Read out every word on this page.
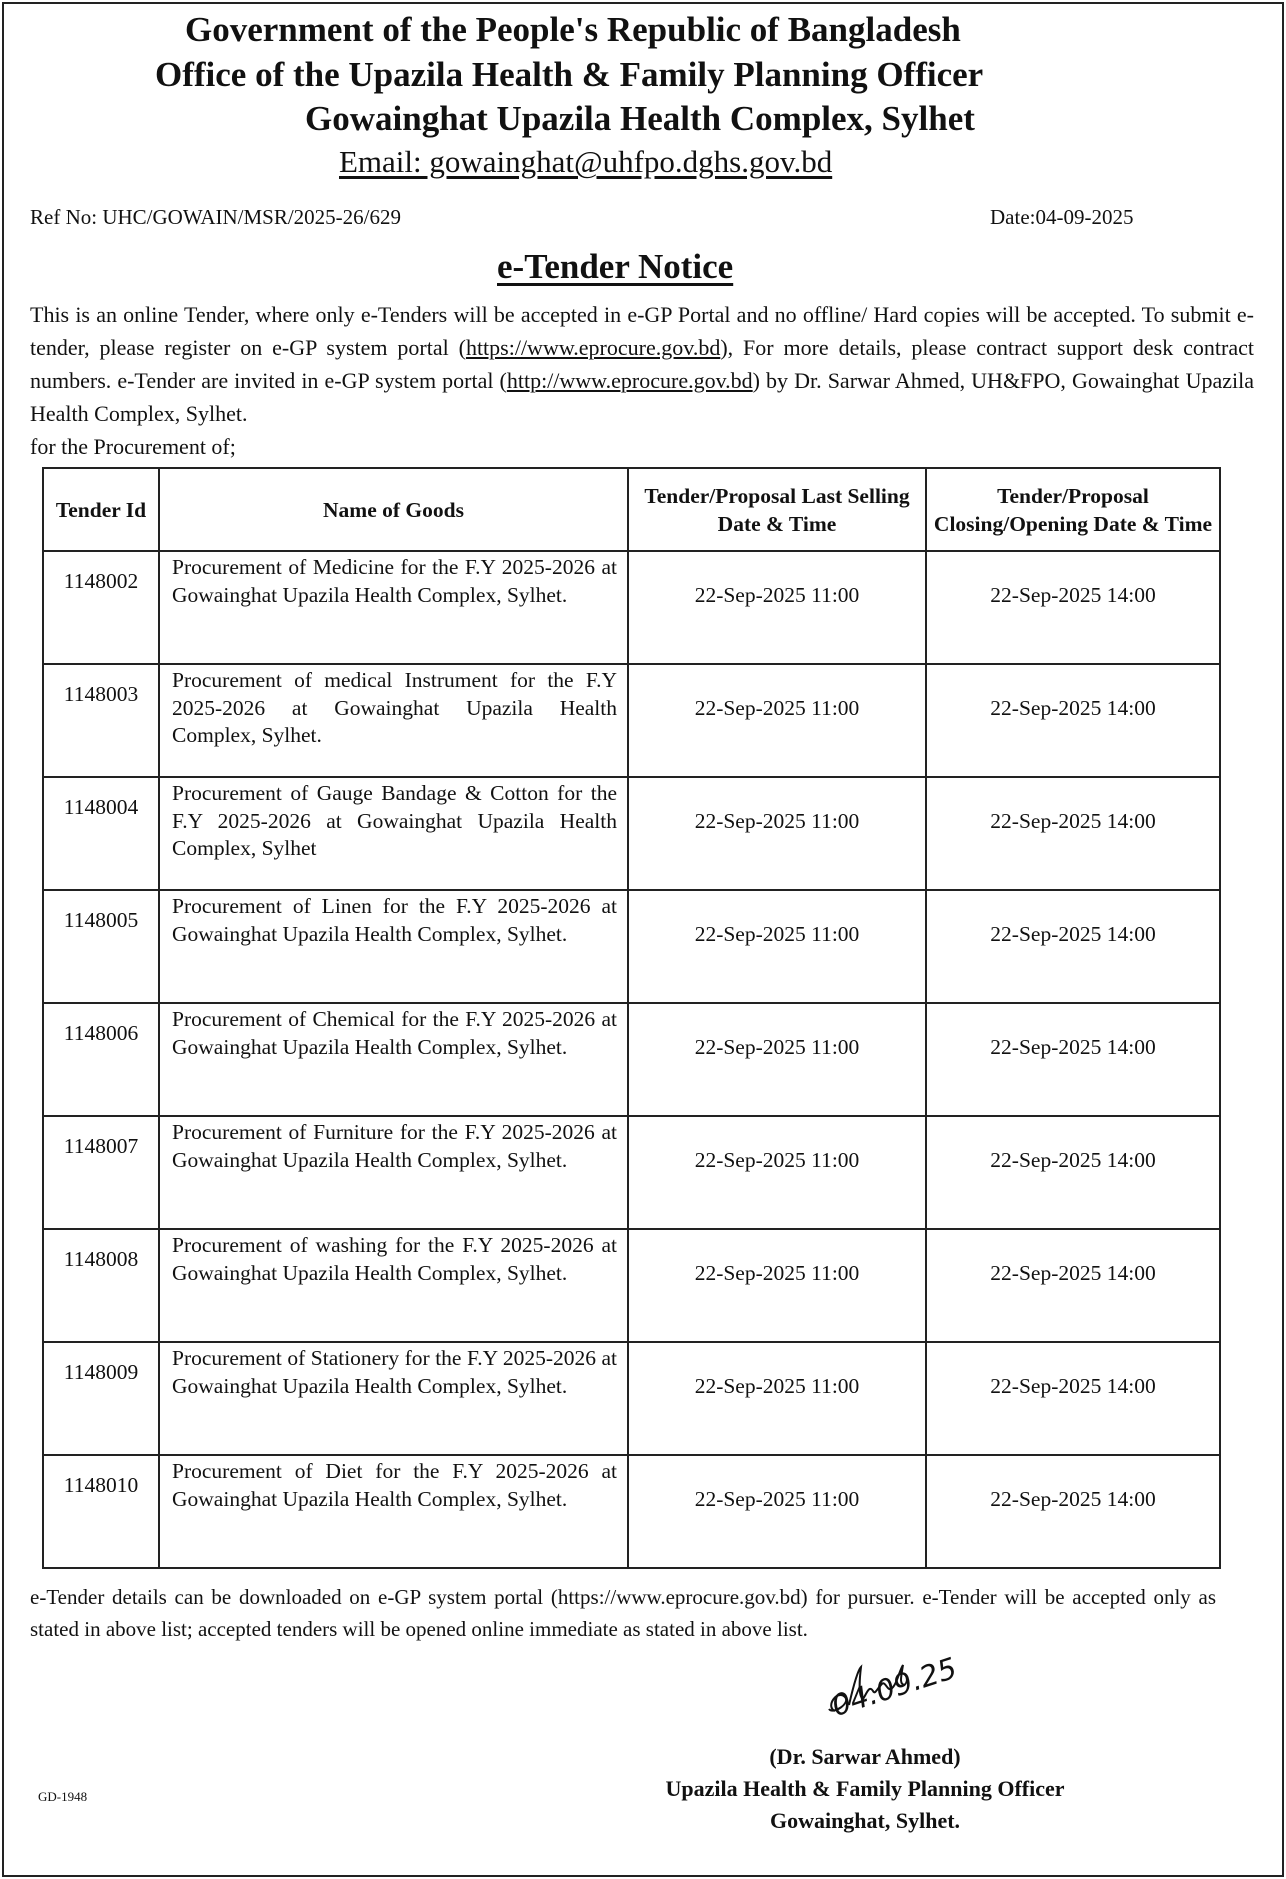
Government of the People's Republic of Bangladesh
Office of the Upazila Health & Family Planning Officer
Gowainghat Upazila Health Complex, Sylhet
Email: gowainghat@uhfpo.dghs.gov.bd
Ref No: UHC/GOWAIN/MSR/2025-26/629	Date:04-09-2025
e-Tender Notice
This is an online Tender, where only e-Tenders will be accepted in e-GP Portal and no offline/ Hard copies will be accepted. To submit e-tender, please register on e-GP system portal (https://www.eprocure.gov.bd), For more details, please contract support desk contract numbers. e-Tender are invited in e-GP system portal (http://www.eprocure.gov.bd) by Dr. Sarwar Ahmed, UH&FPO, Gowainghat Upazila Health Complex, Sylhet.
for the Procurement of;
Tender Id	Name of Goods	Tender/Proposal Last Selling Date & Time	Tender/Proposal Closing/Opening Date & Time
1148002	Procurement of Medicine for the F.Y 2025-2026 at Gowainghat Upazila Health Complex, Sylhet.	22-Sep-2025 11:00	22-Sep-2025 14:00
1148003	Procurement of medical Instrument for the F.Y 2025-2026 at Gowainghat Upazila Health Complex, Sylhet.	22-Sep-2025 11:00	22-Sep-2025 14:00
1148004	Procurement of Gauge Bandage & Cotton for the F.Y 2025-2026 at Gowainghat Upazila Health Complex, Sylhet	22-Sep-2025 11:00	22-Sep-2025 14:00
1148005	Procurement of Linen for the F.Y 2025-2026 at Gowainghat Upazila Health Complex, Sylhet.	22-Sep-2025 11:00	22-Sep-2025 14:00
1148006	Procurement of Chemical for the F.Y 2025-2026 at Gowainghat Upazila Health Complex, Sylhet.	22-Sep-2025 11:00	22-Sep-2025 14:00
1148007	Procurement of Furniture for the F.Y 2025-2026 at Gowainghat Upazila Health Complex, Sylhet.	22-Sep-2025 11:00	22-Sep-2025 14:00
1148008	Procurement of washing for the F.Y 2025-2026 at Gowainghat Upazila Health Complex, Sylhet.	22-Sep-2025 11:00	22-Sep-2025 14:00
1148009	Procurement of Stationery for the F.Y 2025-2026 at Gowainghat Upazila Health Complex, Sylhet.	22-Sep-2025 11:00	22-Sep-2025 14:00
1148010	Procurement of Diet for the F.Y 2025-2026 at Gowainghat Upazila Health Complex, Sylhet.	22-Sep-2025 11:00	22-Sep-2025 14:00
e-Tender details can be downloaded on e-GP system portal (https://www.eprocure.gov.bd) for pursuer. e-Tender will be accepted only as stated in above list; accepted tenders will be opened online immediate as stated in above list.
04.09.25
(Dr. Sarwar Ahmed)
Upazila Health & Family Planning Officer
Gowainghat, Sylhet.
GD-1948
